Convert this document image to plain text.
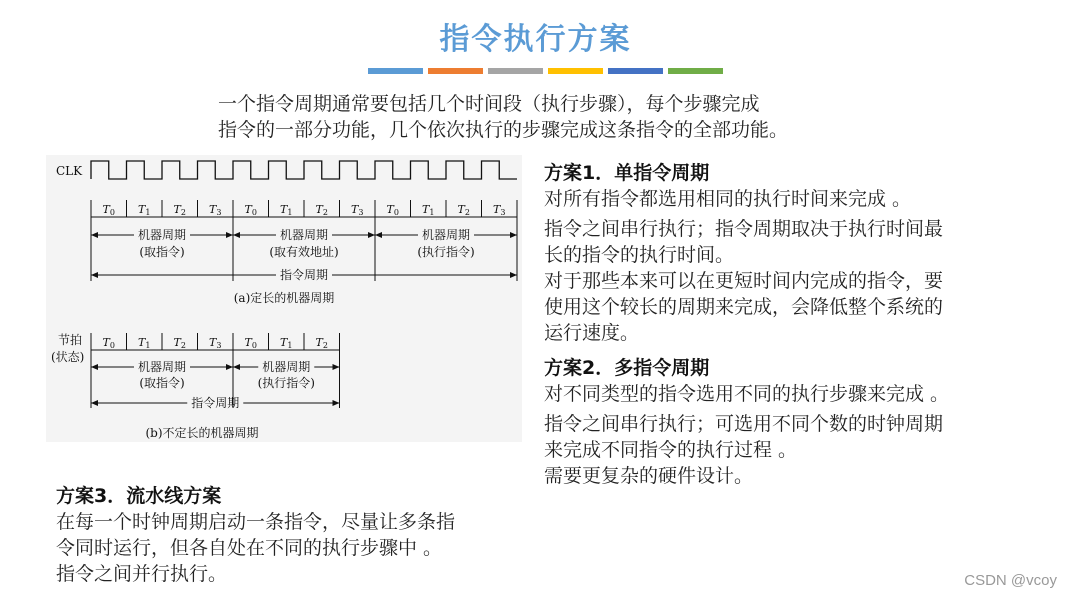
指令执行方案
一个指令周期通常要包括几个时间段（执行步骤），每个步骤完成
指令的一部分功能，几个依次执行的步骤完成这条指令的全部功能。
CLK
T0 T1 T2 T3 T0 T1 T2 T3 T0 T1 T2 T3
机器周期
(取指令)
机器周期
(取有效地址)
机器周期
(执行指令)
指令周期
(a)定长的机器周期
节拍
(状态)
T0 T1 T2 T3 T0 T1 T2
机器周期
(取指令)
机器周期
(执行指令)
指令周期
(b)不定长的机器周期
方案1．单指令周期

对所有指令都选用相同的执行时间来完成 。

指令之间串行执行；指令周期取决于执行时间最

长的指令的执行时间。

对于那些本来可以在更短时间内完成的指令，要

使用这个较长的周期来完成，会降低整个系统的

运行速度。

方案2．多指令周期

对不同类型的指令选用不同的执行步骤来完成 。

指令之间串行执行；可选用不同个数的时钟周期

来完成不同指令的执行过程 。

需要更复杂的硬件设计。

方案3．流水线方案

在每一个时钟周期启动一条指令，尽量让多条指

令同时运行，但各自处在不同的执行步骤中 。

指令之间并行执行。	CSDN @vcoy
